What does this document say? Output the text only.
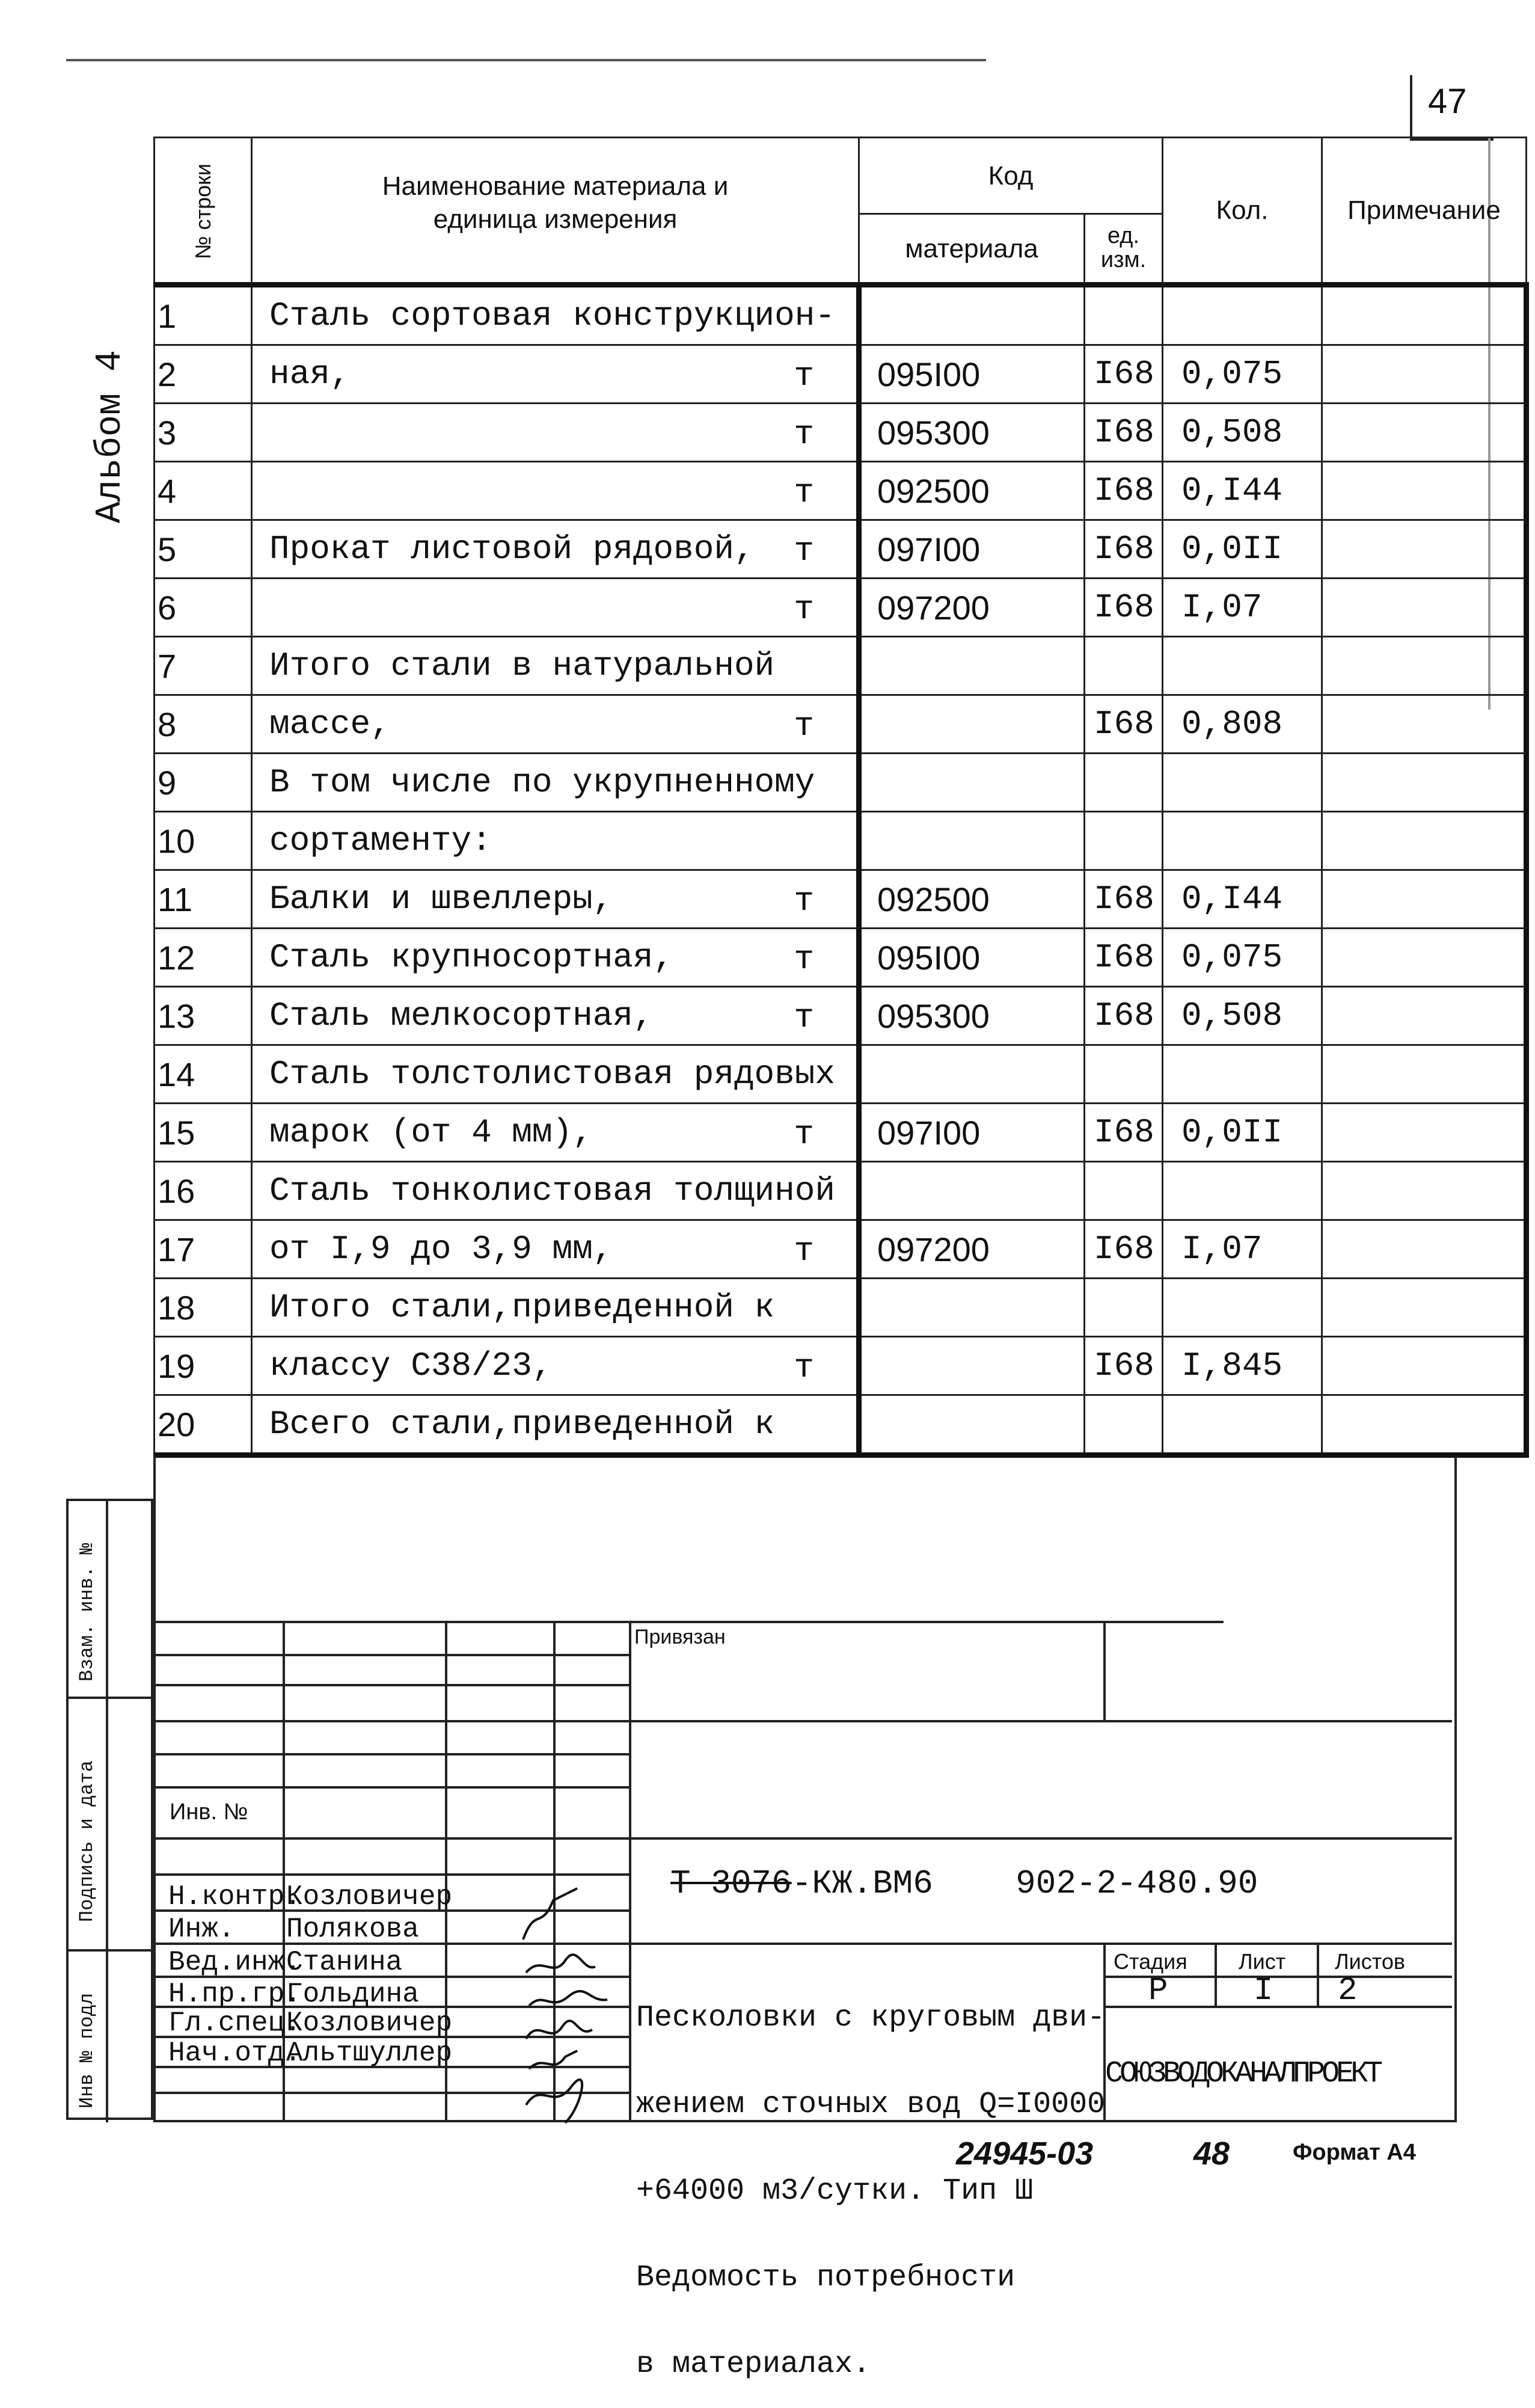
47
Альбом 4
№ строки	Наименование материала и единица измерения	Код		Кол.	Примечание
		материала	ед. изм.		
1	Сталь сортовая конструкцион-

2	ная, т	095I00	I68	0,075	
3	т	095300	I68	0,508	
4	т	092500	I68	0,I44	
5	Прокат листовой рядовой, т	097I00	I68	0,0II	
6	т	097200	I68	I,07	
7	Итого стали в натуральной

8	массе, т		I68	0,808	
9	В том числе по укрупненному

10	сортаменту:

11	Балки и швеллеры, т	092500	I68	0,I44	
12	Сталь крупносортная, т	095I00	I68	0,075	
13	Сталь мелкосортная, т	095300	I68	0,508	
14	Сталь толстолистовая рядовых

15	марок (от 4 мм), т	097I00	I68	0,0II	
16	Сталь тонколистовая толщиной

17	от I,9 до 3,9 мм, т	097200	I68	I,07	
18	Итого стали,приведенной к

19	классу С38/23, т		I68	I,845	
20	Всего стали,приведенной к

Взам. инв. №
Подпись и дата
Инв № подл
Привязан
Инв. №
Т 3076-КЖ.ВМ6 902-2-480.90
Н.контр.
Козловичер
Инж. Полякова
Вед.инж.
Станина
Н.пр.гр.
Гольдина
Гл.спец.
Козловичер
Нач.отд.
Альтшуллер

Песколовки с круговым дви-

жением сточных вод Q=I0000

+64000 м3/сутки. Тип Ш

Ведомость потребности

в материалах.

Стадия Лист Листов
Р	I 2
СОЮЗВОДОКАНАЛПРОЕКТ
24945-03	48	Формат А4
